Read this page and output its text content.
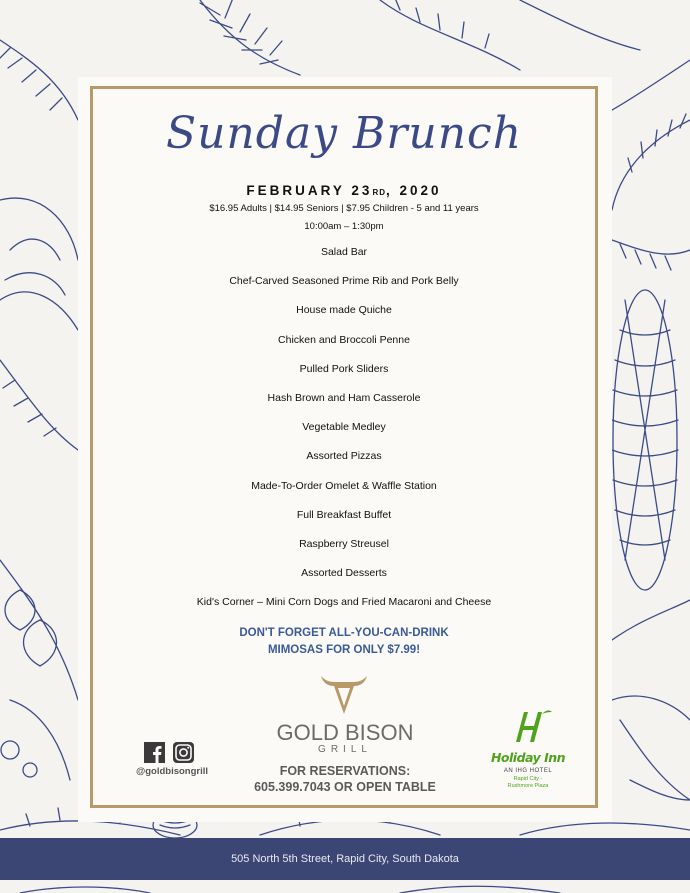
Sunday Brunch
FEBRUARY 23RD, 2020
$16.95 Adults | $14.95 Seniors | $7.95 Children - 5 and 11 years
10:00am – 1:30pm
Salad Bar
Chef-Carved Seasoned Prime Rib and Pork Belly
House made Quiche
Chicken and Broccoli Penne
Pulled Pork Sliders
Hash Brown and Ham Casserole
Vegetable Medley
Assorted Pizzas
Made-To-Order Omelet & Waffle Station
Full Breakfast Buffet
Raspberry Streusel
Assorted Desserts
Kid's Corner – Mini Corn Dogs and Fried Macaroni and Cheese
DON'T FORGET ALL-YOU-CAN-DRINK
MIMOSAS FOR ONLY $7.99!
GOLD BISON
GRILL
FOR RESERVATIONS:
605.399.7043 OR OPEN TABLE
@goldbisongrill
Holiday Inn
AN IHG HOTEL
Rapid City -
Rushmore Plaza
505 North 5th Street, Rapid City, South Dakota
